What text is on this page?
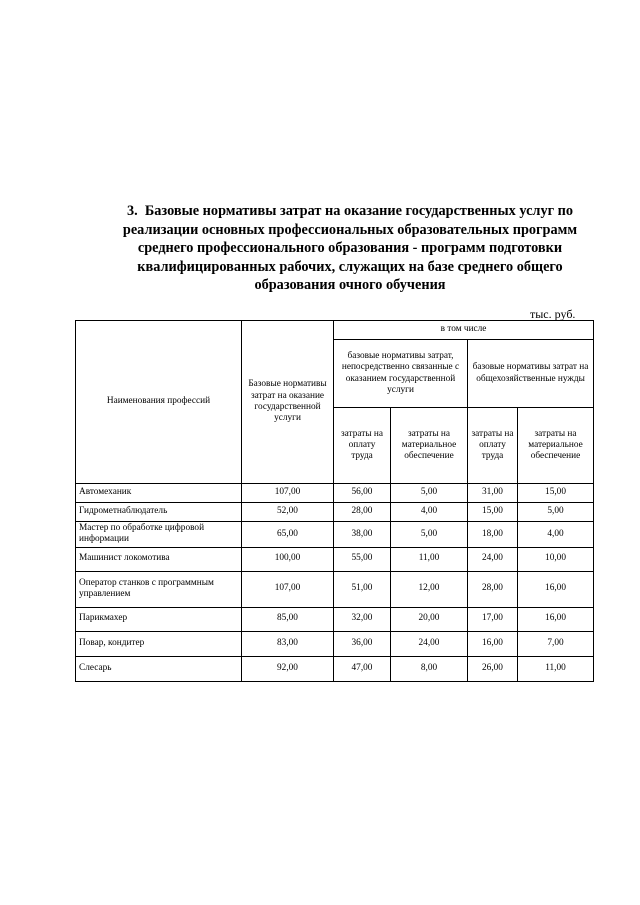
3. Базовые нормативы затрат на оказание государственных услуг по
реализации основных профессиональных образовательных программ
среднего профессионального образования - программ подготовки
квалифицированных рабочих, служащих на базе среднего общего
образования очного обучения
тыс. руб.
Наименования профессий	Базовые нормативы затрат на оказание государственной услуги	в том числе			
		базовые нормативы затрат, непосредственно связанные с оказанием государственной услуги		базовые нормативы затрат на общехозяйственные нужды	
		затраты на оплату труда	затраты на материальное обеспечение	затраты на оплату труда	затраты на материальное обеспечение
Автомеханик	107,00	56,00	5,00	31,00	15,00
Гидрометнаблюдатель	52,00	28,00	4,00	15,00	5,00
Мастер по обработке цифровой информации	65,00	38,00	5,00	18,00	4,00
Машинист локомотива	100,00	55,00	11,00	24,00	10,00
Оператор станков с программным управлением	107,00	51,00	12,00	28,00	16,00
Парикмахер	85,00	32,00	20,00	17,00	16,00
Повар, кондитер	83,00	36,00	24,00	16,00	7,00
Слесарь	92,00	47,00	8,00	26,00	11,00
